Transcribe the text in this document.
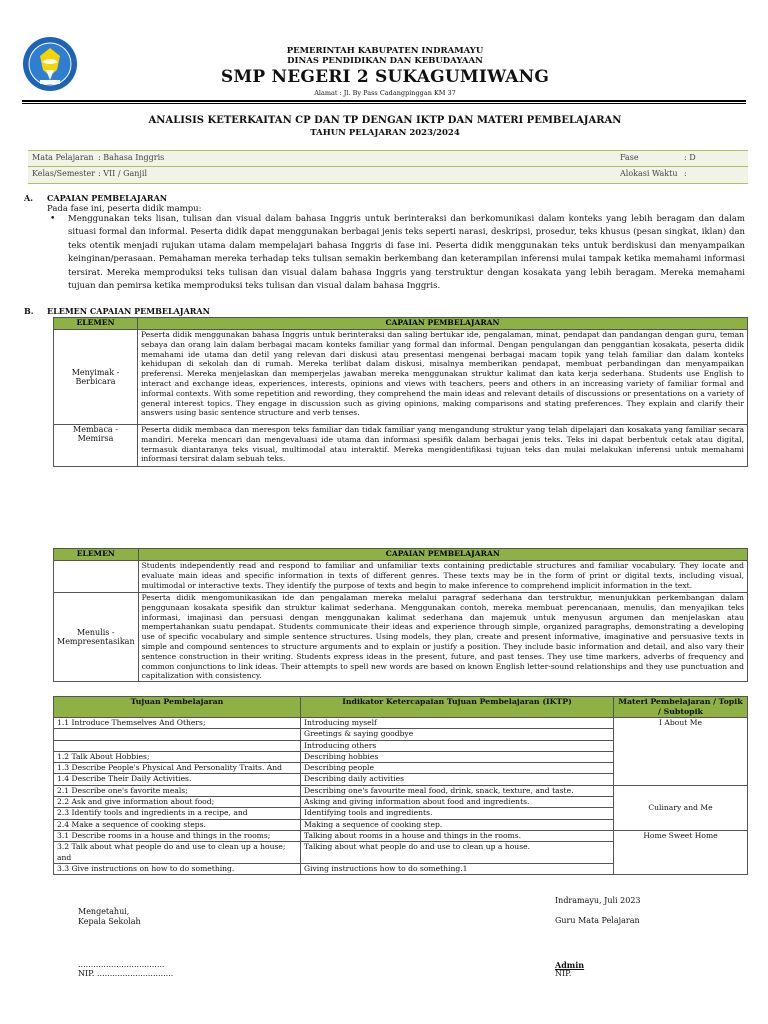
PEMERINTAH KABUPATEN INDRAMAYU
DINAS PENDIDIKAN DAN KEBUDAYAAN
SMP NEGERI 2 SUKAGUMIWANG
Alamat : Jl. By Pass Cadangpinggan KM 37
ANALISIS KETERKAITAN CP DAN TP DENGAN IKTP DAN MATERI PEMBELAJARAN
TAHUN PELAJARAN 2023/2024
Mata Pelajaran : Bahasa Inggris
Kelas/Semester : VII / Ganjil
Fase	: D
Alokasi Waktu :
A. CAPAIAN PEMBELAJARAN
Pada fase ini, peserta didik mampu:
• Menggunakan teks lisan, tulisan dan visual dalam bahasa Inggris untuk berinteraksi dan berkomunikasi dalam konteks yang lebih beragam dan dalam situasi formal dan informal. Peserta didik dapat menggunakan berbagai jenis teks seperti narasi, deskripsi, prosedur, teks khusus (pesan singkat, iklan) dan teks otentik menjadi rujukan utama dalam mempelajari bahasa Inggris di fase ini. Peserta didik menggunakan teks untuk berdiskusi dan menyampaikan keinginan/perasaan. Pemahaman mereka terhadap teks tulisan semakin berkembang dan keterampilan inferensi mulai tampak ketika memahami informasi tersirat. Mereka memproduksi teks tulisan dan visual dalam bahasa Inggris yang terstruktur dengan kosakata yang lebih beragam. Mereka memahami tujuan dan pemirsa ketika memproduksi teks tulisan dan visual dalam bahasa Inggris.
B. ELEMEN CAPAIAN PEMBELAJARAN
ELEMEN	CAPAIAN PEMBELAJARAN
Menyimak - Berbicara	Peserta didik menggunakan bahasa Inggris untuk berinteraksi dan saling bertukar ide, pengalaman, minat, pendapat dan pandangan dengan guru, teman sebaya dan orang lain dalam berbagai macam konteks familiar yang formal dan informal. Dengan pengulangan dan penggantian kosakata, peserta didik memahami ide utama dan detil yang relevan dari diskusi atau presentasi mengenai berbagai macam topik yang telah familiar dan dalam konteks kehidupan di sekolah dan di rumah. Mereka terlibat dalam diskusi, misalnya memberikan pendapat, membuat perbandingan dan menyampaikan preferensi. Mereka menjelaskan dan memperjelas jawaban mereka menggunakan struktur kalimat dan kata kerja sederhana. Students use English to interact and exchange ideas, experiences, interests, opinions and views with teachers, peers and others in an increasing variety of familiar formal and informal contexts. With some repetition and rewording, they comprehend the main ideas and relevant details of discussions or presentations on a variety of general interest topics. They engage in discussion such as giving opinions, making comparisons and stating preferences. They explain and clarify their answers using basic sentence structure and verb tenses.
Membaca - Memirsa	Peserta didik membaca dan merespon teks familiar dan tidak familiar yang mengandung struktur yang telah dipelajari dan kosakata yang familiar secara mandiri. Mereka mencari dan mengevaluasi ide utama dan informasi spesifik dalam berbagai jenis teks. Teks ini dapat berbentuk cetak atau digital, termasuk diantaranya teks visual, multimodal atau interaktif. Mereka mengidentifikasi tujuan teks dan mulai melakukan inferensi untuk memahami informasi tersirat dalam sebuah teks.
ELEMEN	CAPAIAN PEMBELAJARAN
	Students independently read and respond to familiar and unfamiliar texts containing predictable structures and familiar vocabulary. They locate and evaluate main ideas and specific information in texts of different genres. These texts may be in the form of print or digital texts, including visual, multimodal or interactive texts. They identify the purpose of texts and begin to make inference to comprehend implicit information in the text.
Menulis - Mempresentasikan	Peserta didik mengomunikasikan ide dan pengalaman mereka melalui paragraf sederhana dan terstruktur, menunjukkan perkembangan dalam penggunaan kosakata spesifik dan struktur kalimat sederhana. Menggunakan contoh, mereka membuat perencanaan, menulis, dan menyajikan teks informasi, imajinasi dan persuasi dengan menggunakan kalimat sederhana dan majemuk untuk menyusun argumen dan menjelaskan atau mempertahankan suatu pendapat. Students communicate their ideas and experience through simple, organized paragraphs, demonstrating a developing use of specific vocabulary and simple sentence structures. Using models, they plan, create and present informative, imaginative and persuasive texts in simple and compound sentences to structure arguments and to explain or justify a position. They include basic information and detail, and also vary their sentence construction in their writing. Students express ideas in the present, future, and past tenses. They use time markers, adverbs of frequency and common conjunctions to link ideas. Their attempts to spell new words are based on known English letter-sound relationships and they use punctuation and capitalization with consistency.
Tujuan Pembelajaran	Indikator Ketercapaian Tujuan Pembelajaran (IKTP)	Materi Pembelajaran / Topik / Subtopik
1.1 Introduce Themselves And Others;	Introducing myself	I About Me
	Greetings & saying goodbye	
	Introducing others	
1.2 Talk About Hobbies;	Describing hobbies	
1.3 Describe People's Physical And Personality Traits. And	Describing people	
1.4 Describe Their Daily Activities.	Describing daily activities	
2.1 Describe one's favorite meals;	Describing one's favourite meal food, drink, snack, texture, and taste.	Culinary and Me
2.2 Ask and give information about food;	Asking and giving information about food and ingredients.	
2.3 Identify tools and ingredients in a recipe, and	Identifying tools and ingredients.	
2.4 Make a sequence of cooking steps.	Making a sequence of cooking step.	
3.1 Describe rooms in a house and things in the rooms;	Talking about rooms in a house and things in the rooms.	Home Sweet Home
3.2 Talk about what people do and use to clean up a house;	Talking about what people do and use to clean up a house.	
and		
3.3 Give instructions on how to do something.	Giving instructions how to do something.1	
Indramayu, Juli 2023
Guru Mata Pelajaran
Mengetahui,
Kepala Sekolah
..................................
NIP. ..............................
Admin
NIP.
